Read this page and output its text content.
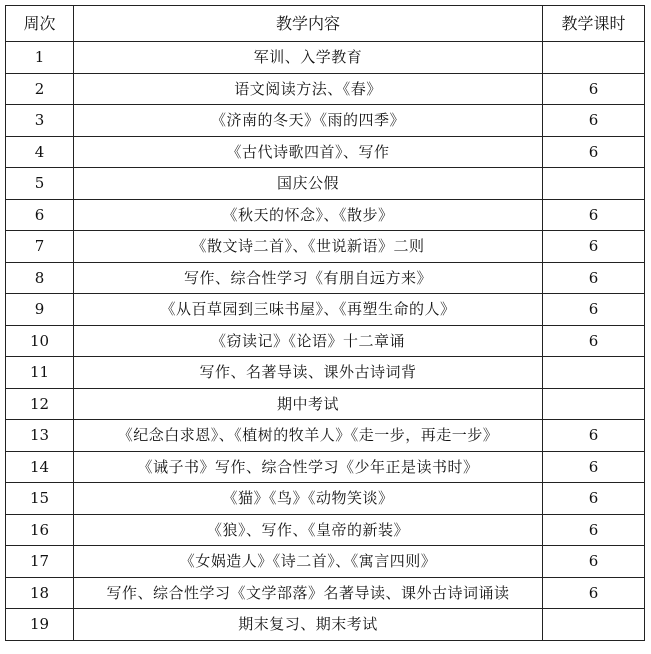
周次	教学内容	教学课时
1	军训、入学教育	
2	语文阅读方法、《春》	6
3	《济南的冬天》《雨的四季》	6
4	《古代诗歌四首》、写作	6
5	国庆公假	
6	《秋天的怀念》、《散步》	6
7	《散文诗二首》、《世说新语》二则	6
8	写作、综合性学习《有朋自远方来》	6
9	《从百草园到三味书屋》、《再塑生命的人》	6
10	《窃读记》《论语》十二章诵	6
11	写作、名著导读、课外古诗词背	
12	期中考试	
13	《纪念白求恩》、《植树的牧羊人》《走一步，再走一步》	6
14	《诫子书》写作、综合性学习《少年正是读书时》	6
15	《猫》《鸟》《动物笑谈》	6
16	《狼》、写作、《皇帝的新装》	6
17	《女娲造人》《诗二首》、《寓言四则》	6
18	写作、综合性学习《文学部落》名著导读、课外古诗词诵读	6
19	期末复习、期末考试	
